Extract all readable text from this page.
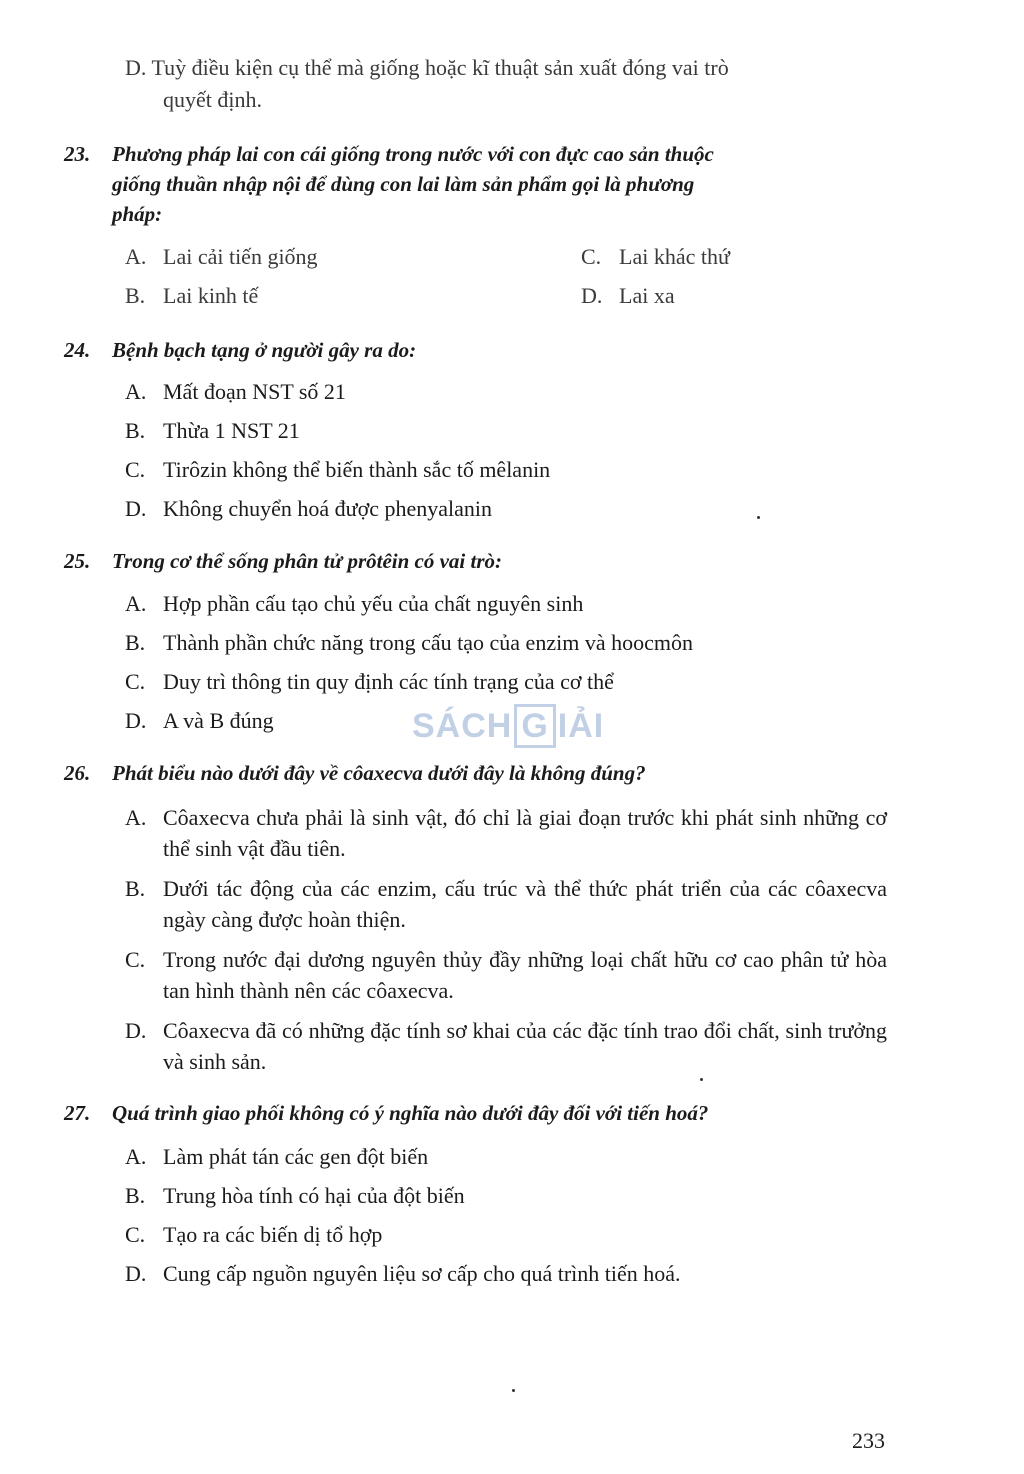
D. Tuỳ điều kiện cụ thể mà giống hoặc kĩ thuật sản xuất đóng vai trò
quyết định.
23. Phương pháp lai con cái giống trong nước với con đực cao sản thuộc
giống thuần nhập nội để dùng con lai làm sản phẩm gọi là phương
pháp:
A. Lai cải tiến giống
B. Lai kinh tế
C. Lai khác thứ
D. Lai xa
24. Bệnh bạch tạng ở người gây ra do:
A. Mất đoạn NST số 21
B. Thừa 1 NST 21
C. Tirôzin không thể biến thành sắc tố mêlanin
D. Không chuyển hoá được phenyalanin
25. Trong cơ thể sống phân tử prôtêin có vai trò:
A. Hợp phần cấu tạo chủ yếu của chất nguyên sinh
B. Thành phần chức năng trong cấu tạo của enzim và hoocmôn
C. Duy trì thông tin quy định các tính trạng của cơ thể
D. A và B đúng	SÁCH G IẢI
26. Phát biểu nào dưới đây về côaxecva dưới đây là không đúng?
A. Côaxecva chưa phải là sinh vật, đó chỉ là giai đoạn trước khi phát sinh những cơ thể sinh vật đầu tiên.
B. Dưới tác động của các enzim, cấu trúc và thể thức phát triển của các côaxecva ngày càng được hoàn thiện.
C. Trong nước đại dương nguyên thủy đầy những loại chất hữu cơ cao phân tử hòa tan hình thành nên các côaxecva.
D. Côaxecva đã có những đặc tính sơ khai của các đặc tính trao đổi chất, sinh trưởng và sinh sản.
27. Quá trình giao phối không có ý nghĩa nào dưới đây đối với tiến hoá?
A. Làm phát tán các gen đột biến
B. Trung hòa tính có hại của đột biến
C. Tạo ra các biến dị tổ hợp
D. Cung cấp nguồn nguyên liệu sơ cấp cho quá trình tiến hoá.
233
